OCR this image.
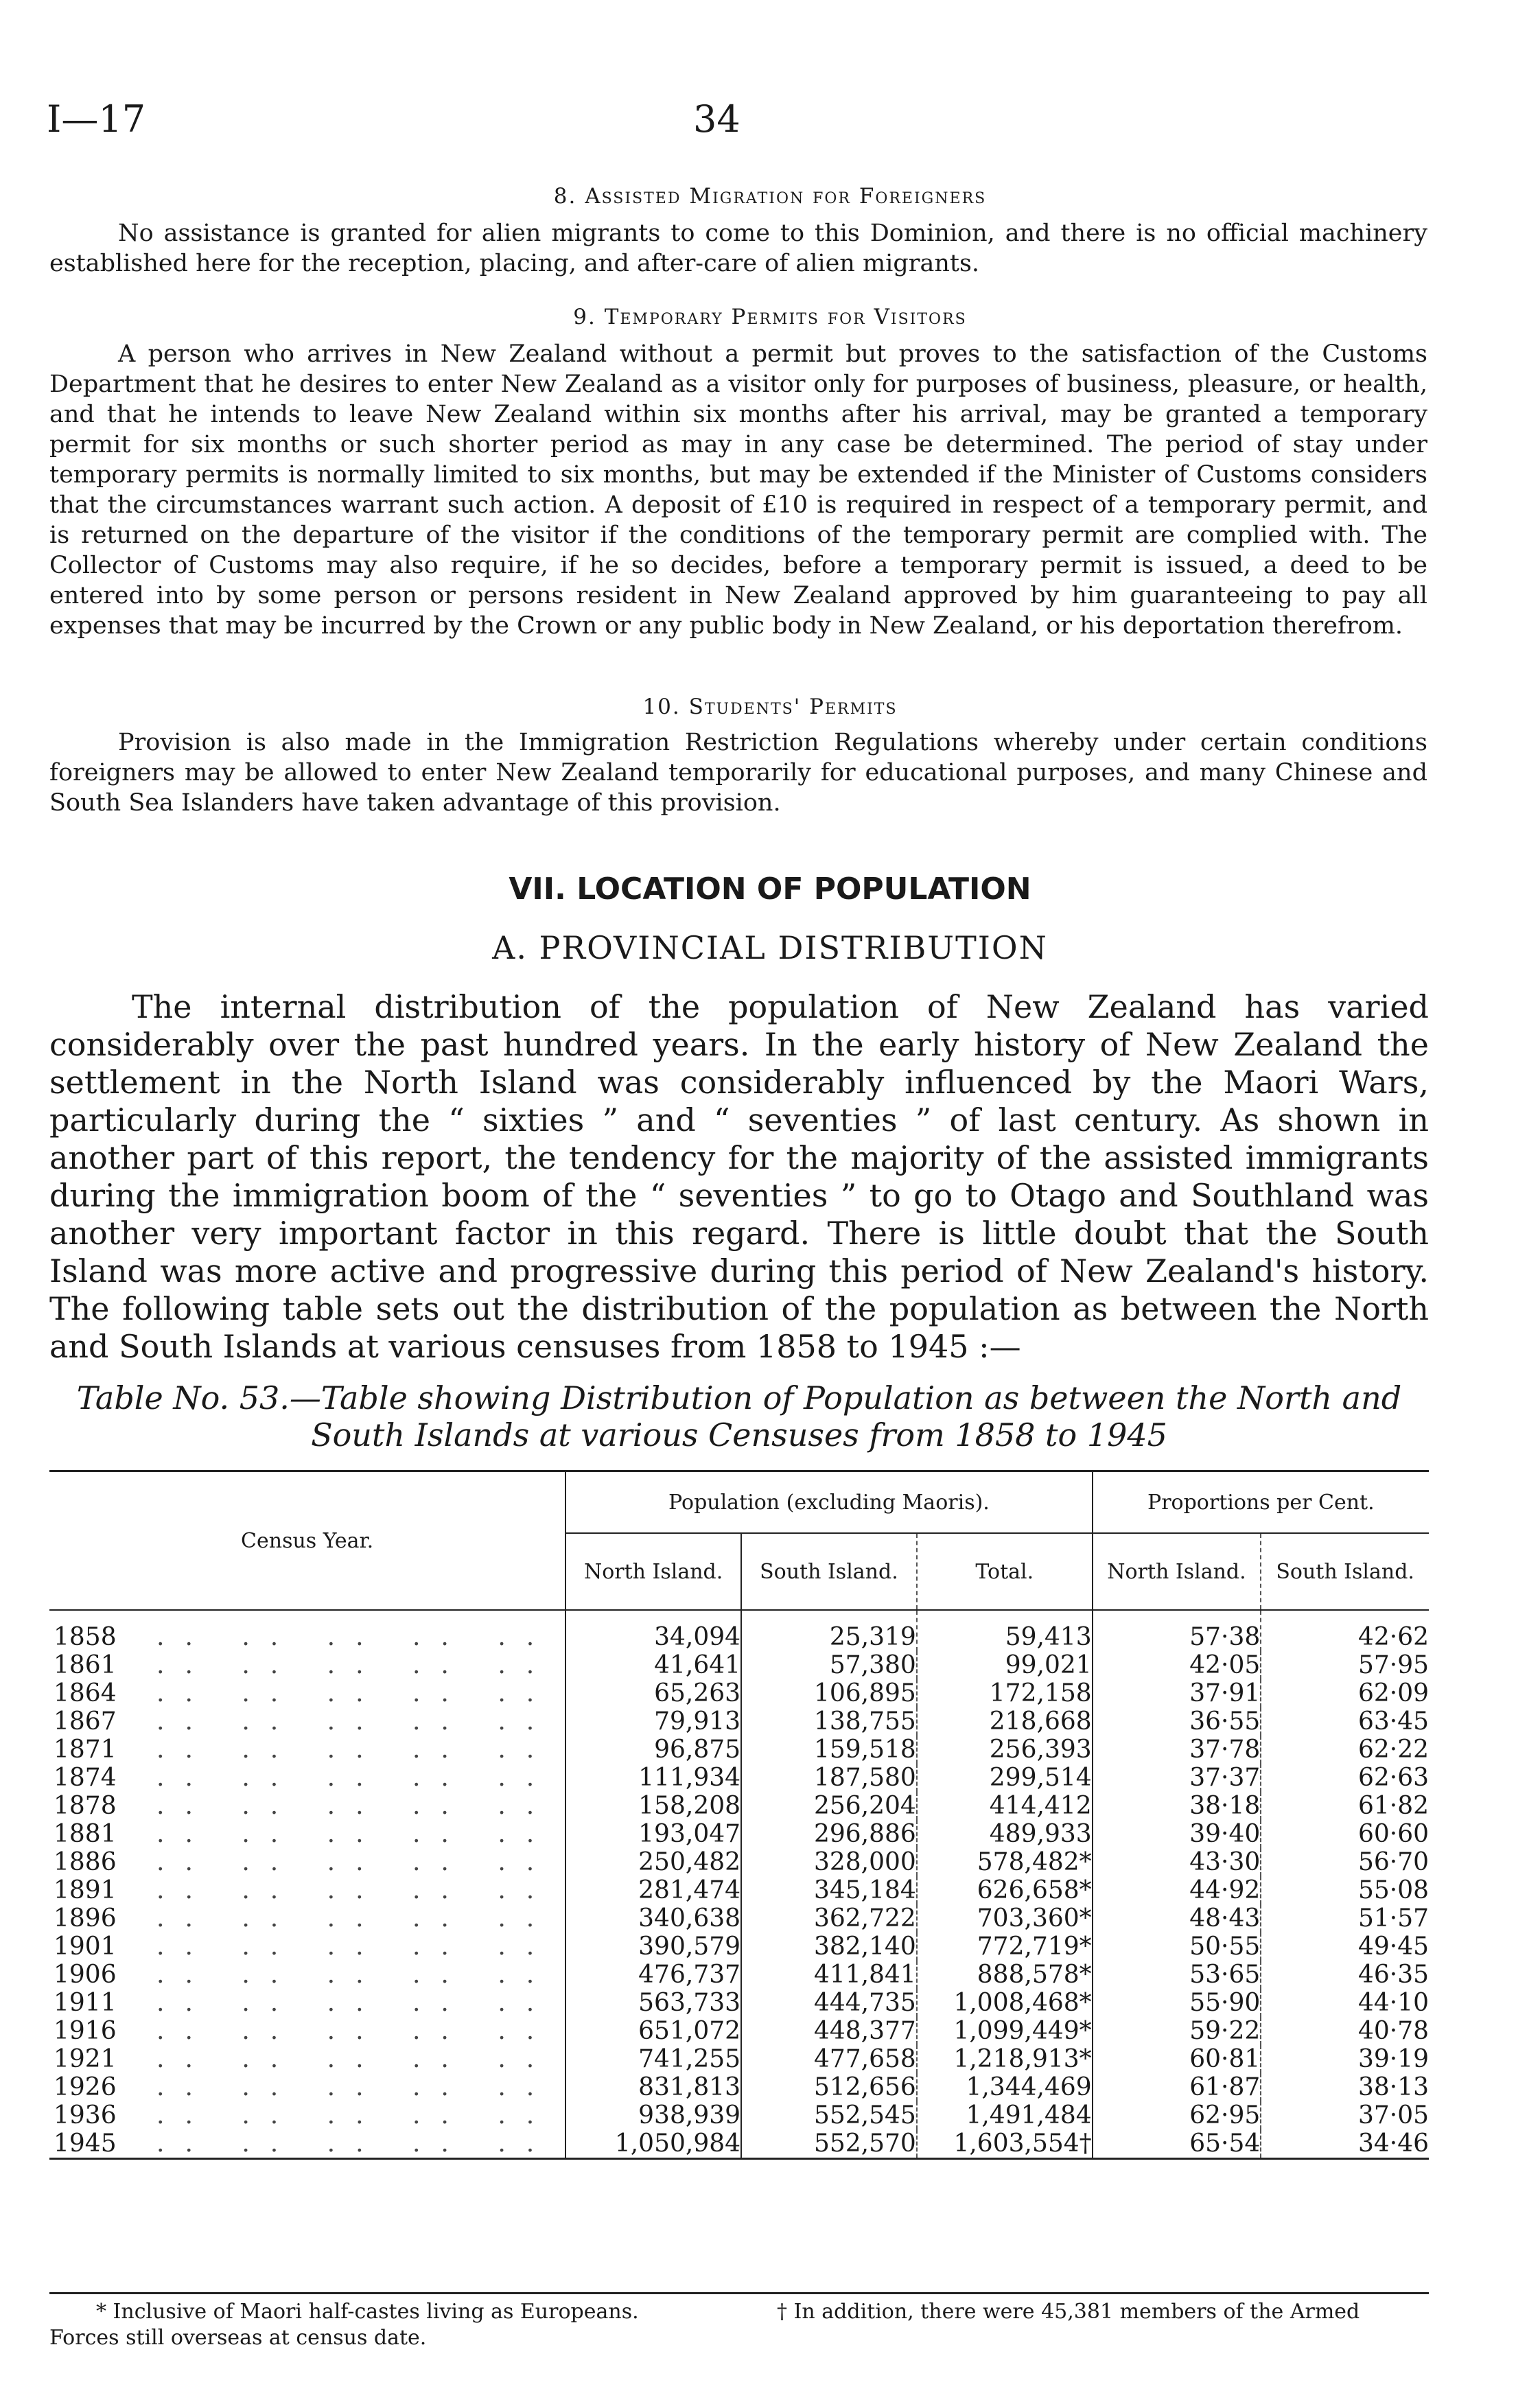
I—17	34
8. Assisted Migration for Foreigners

No assistance is granted for alien migrants to come to this Dominion, and there is no official machinery established here for the reception, placing, and after-care of alien migrants.

9. Temporary Permits for Visitors

A person who arrives in New Zealand without a permit but proves to the satisfaction of the Customs Department that he desires to enter New Zealand as a visitor only for purposes of business, pleasure, or health, and that he intends to leave New Zealand within six months after his arrival, may be granted a temporary permit for six months or such shorter period as may in any case be determined. The period of stay under temporary permits is normally limited to six months, but may be extended if the Minister of Customs considers that the circumstances warrant such action. A deposit of £10 is required in respect of a temporary permit, and is returned on the departure of the visitor if the conditions of the temporary permit are complied with. The Collector of Customs may also require, if he so decides, before a temporary permit is issued, a deed to be entered into by some person or persons resident in New Zealand approved by him guaranteeing to pay all expenses that may be incurred by the Crown or any public body in New Zealand, or his deportation therefrom.

10. Students' Permits

Provision is also made in the Immigration Restriction Regulations whereby under certain conditions foreigners may be allowed to enter New Zealand temporarily for educational purposes, and many Chinese and South Sea Islanders have taken advantage of this provision.

VII. LOCATION OF POPULATION
A. PROVINCIAL DISTRIBUTION

The internal distribution of the population of New Zealand has varied considerably over the past hundred years. In the early history of New Zealand the settlement in the North Island was considerably influenced by the Maori Wars, particularly during the “ sixties ” and “ seventies ” of last century. As shown in another part of this report, the tendency for the majority of the assisted immigrants during the immigration boom of the “ seventies ” to go to Otago and Southland was another very important factor in this regard. There is little doubt that the South Island was more active and progressive during this period of New Zealand's history. The following table sets out the distribution of the population as between the North and South Islands at various censuses from 1858 to 1945 :—

Table No. 53.—Table showing Distribution of Population as between the North and South Islands at various Censuses from 1858 to 1945
Census Year.	Population (excluding Maoris).			Proportions per Cent.	
	North Island.	South Island.	Total.	North Island.	South Island.
1858 .. .. .. .. ..	34,094	25,319	59,413	57·38	42·62
1861 .. .. .. .. ..	41,641	57,380	99,021	42·05	57·95
1864 .. .. .. .. ..	65,263	106,895	172,158	37·91	62·09
1867 .. .. .. .. ..	79,913	138,755	218,668	36·55	63·45
1871 .. .. .. .. ..	96,875	159,518	256,393	37·78	62·22
1874 .. .. .. .. ..	111,934	187,580	299,514	37·37	62·63
1878 .. .. .. .. ..	158,208	256,204	414,412	38·18	61·82
1881 .. .. .. .. ..	193,047	296,886	489,933	39·40	60·60
1886 .. .. .. .. ..	250,482	328,000	578,482*	43·30	56·70
1891 .. .. .. .. ..	281,474	345,184	626,658*	44·92	55·08
1896 .. .. .. .. ..	340,638	362,722	703,360*	48·43	51·57
1901 .. .. .. .. ..	390,579	382,140	772,719*	50·55	49·45
1906 .. .. .. .. ..	476,737	411,841	888,578*	53·65	46·35
1911 .. .. .. .. ..	563,733	444,735	1,008,468*	55·90	44·10
1916 .. .. .. .. ..	651,072	448,377	1,099,449*	59·22	40·78
1921 .. .. .. .. ..	741,255	477,658	1,218,913*	60·81	39·19
1926 .. .. .. .. ..	831,813	512,656	1,344,469	61·87	38·13
1936 .. .. .. .. ..	938,939	552,545	1,491,484	62·95	37·05
1945 .. .. .. .. ..	1,050,984	552,570	1,603,554†	65·54	34·46
* Inclusive of Maori half-castes living as Europeans.	† In addition, there were 45,381 members of the Armed Forces still overseas at census date.
